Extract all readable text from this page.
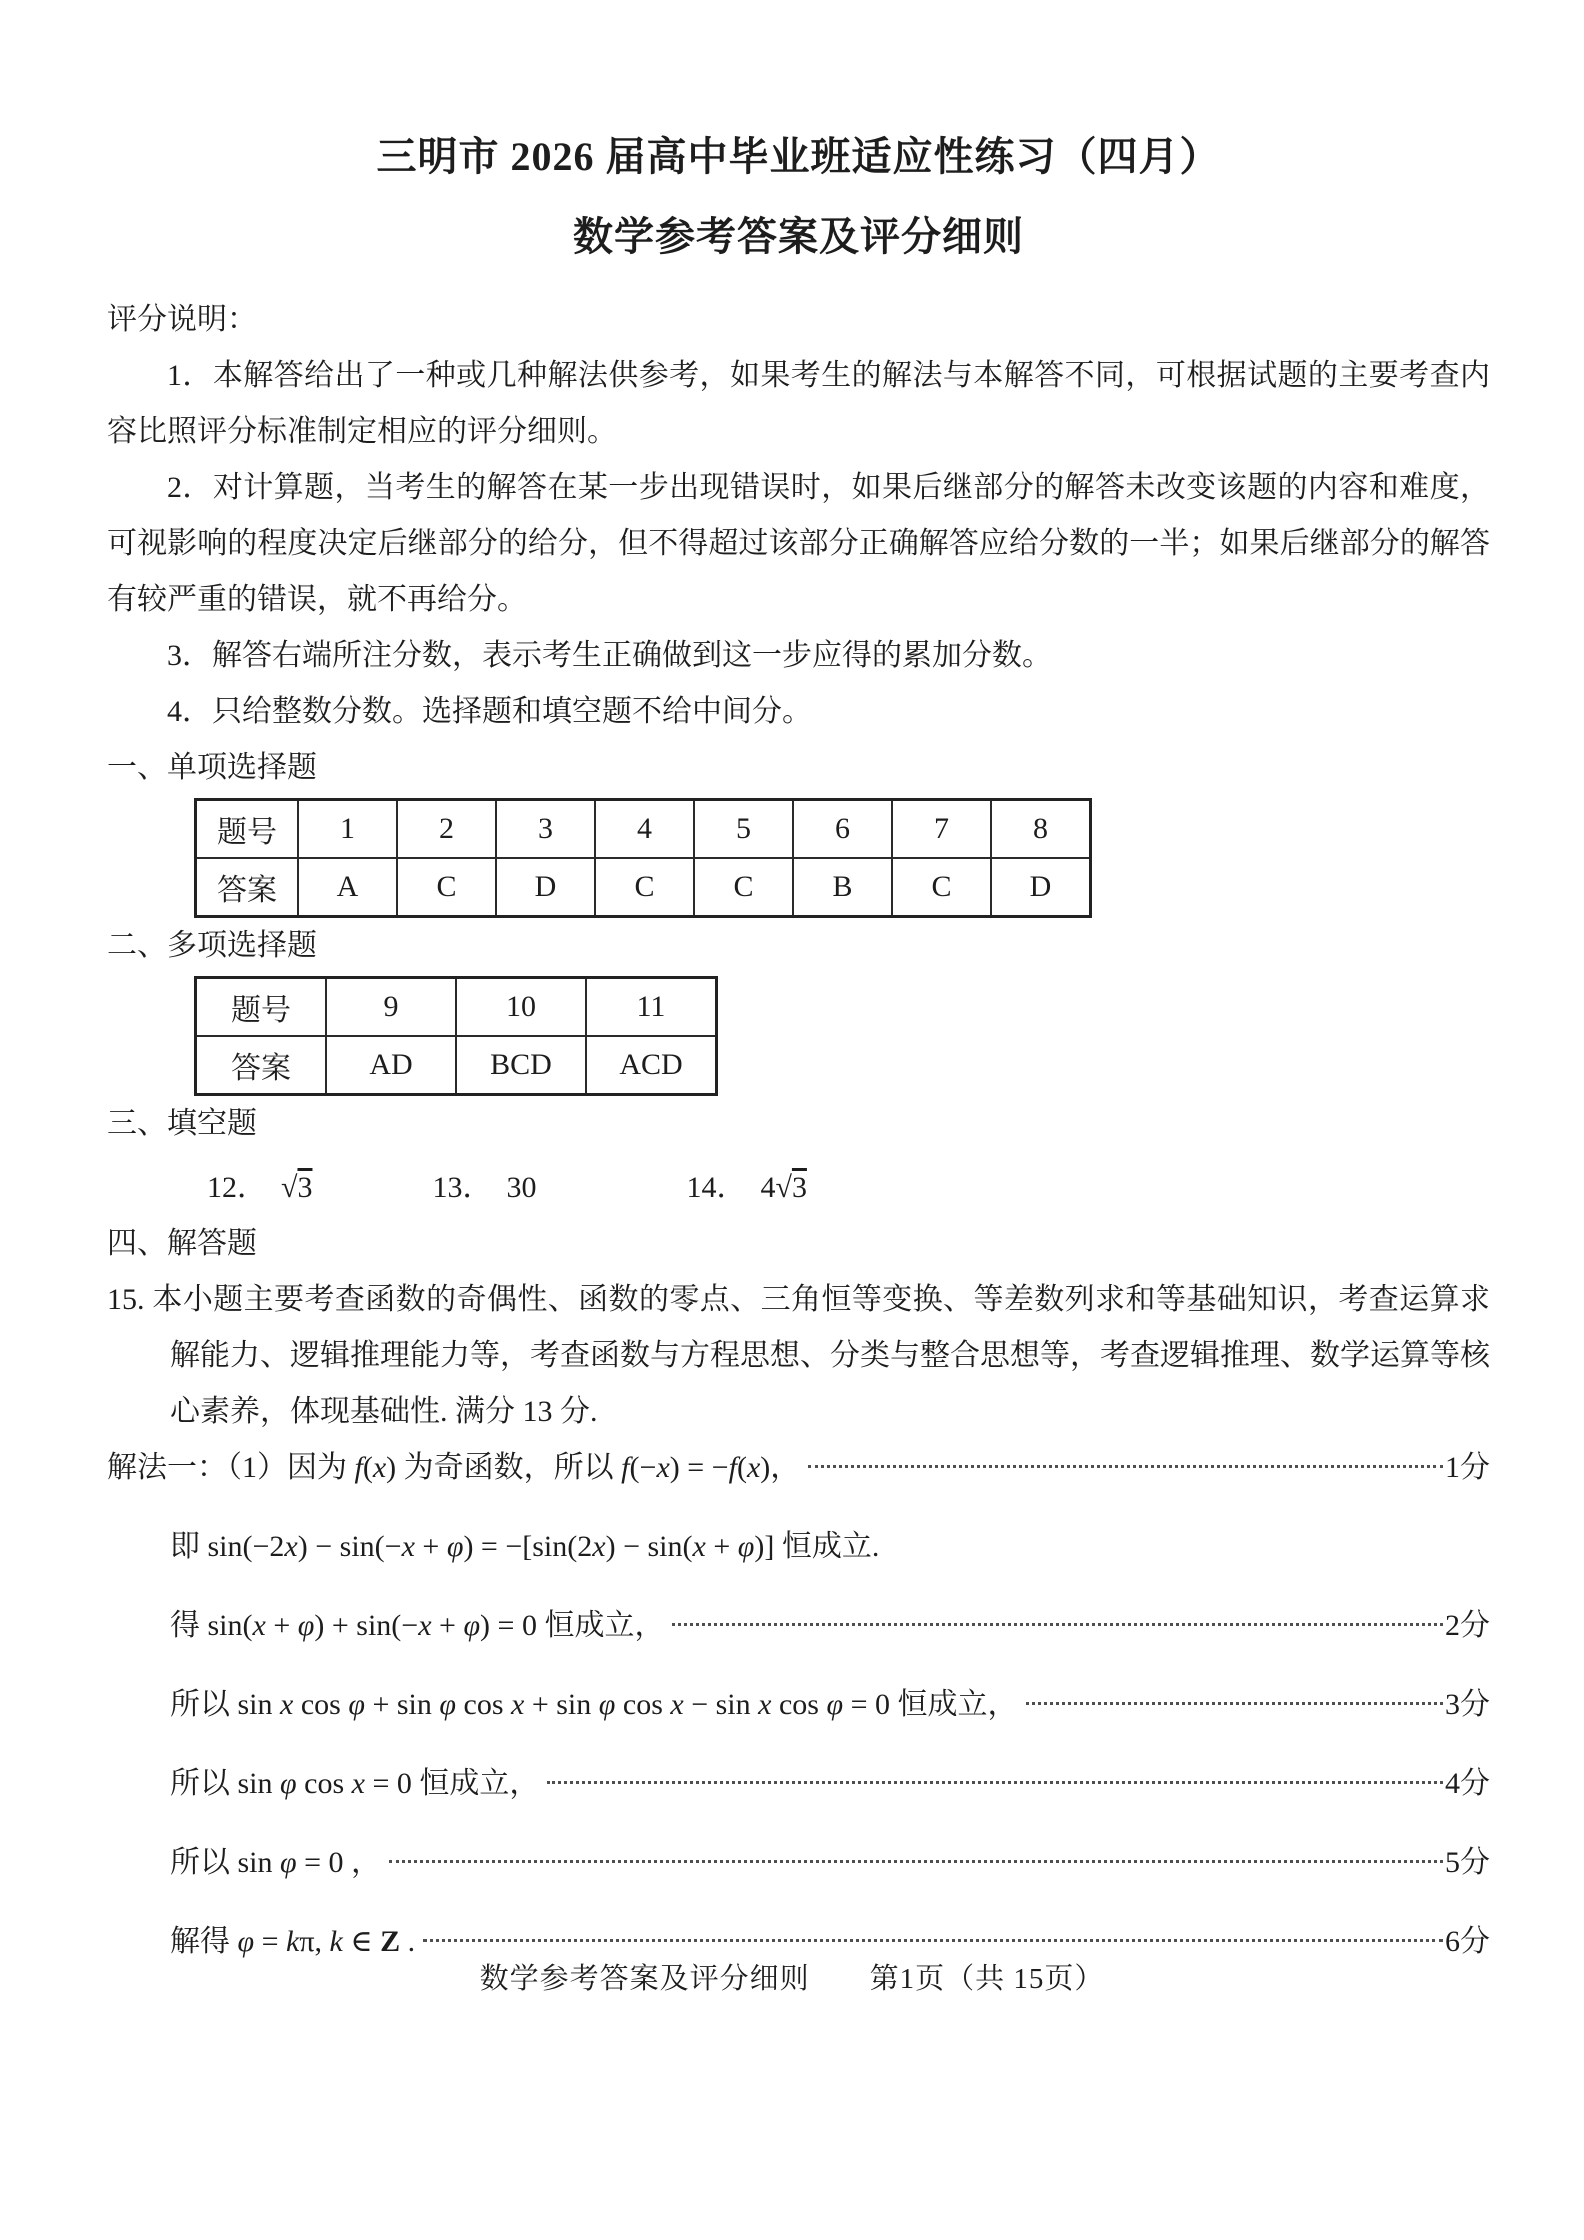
三明市 2026 届高中毕业班适应性练习（四月）
数学参考答案及评分细则

评分说明：

1．本解答给出了一种或几种解法供参考，如果考生的解法与本解答不同，可根据试题的主要考查内容比照评分标准制定相应的评分细则。

2．对计算题，当考生的解答在某一步出现错误时，如果后继部分的解答未改变该题的内容和难度，可视影响的程度决定后继部分的给分，但不得超过该部分正确解答应给分数的一半；如果后继部分的解答有较严重的错误，就不再给分。

3．解答右端所注分数，表示考生正确做到这一步应得的累加分数。

4．只给整数分数。选择题和填空题不给中间分。

一、单项选择题

题号	1	2	3	4	5	6	7	8
答案	A	C	D	C	C	B	C	D

二、多项选择题

题号	9	10	11
答案	AD	BCD	ACD

三、填空题

12． √3	13． 30	14． 4√3

四、解答题

15. 本小题主要考查函数的奇偶性、函数的零点、三角恒等变换、等差数列求和等基础知识，考查运算求解能力、逻辑推理能力等，考查函数与方程思想、分类与整合思想等，考查逻辑推理、数学运算等核心素养，体现基础性. 满分 13 分.

解法一：（1）因为 f(x) 为奇函数，所以 f(−x) = −f(x)，	1分
即 sin(−2x) − sin(−x + φ) = −[sin(2x) − sin(x + φ)] 恒成立.
得 sin(x + φ) + sin(−x + φ) = 0 恒成立，	2分
所以 sin x cos φ + sin φ cos x + sin φ cos x − sin x cos φ = 0 恒成立，	3分
所以 sin φ cos x = 0 恒成立，	4分
所以 sin φ = 0 ，	5分
解得 φ = kπ, k ∈ Z .	6分
数学参考答案及评分细则　　第1页（共 15页）
